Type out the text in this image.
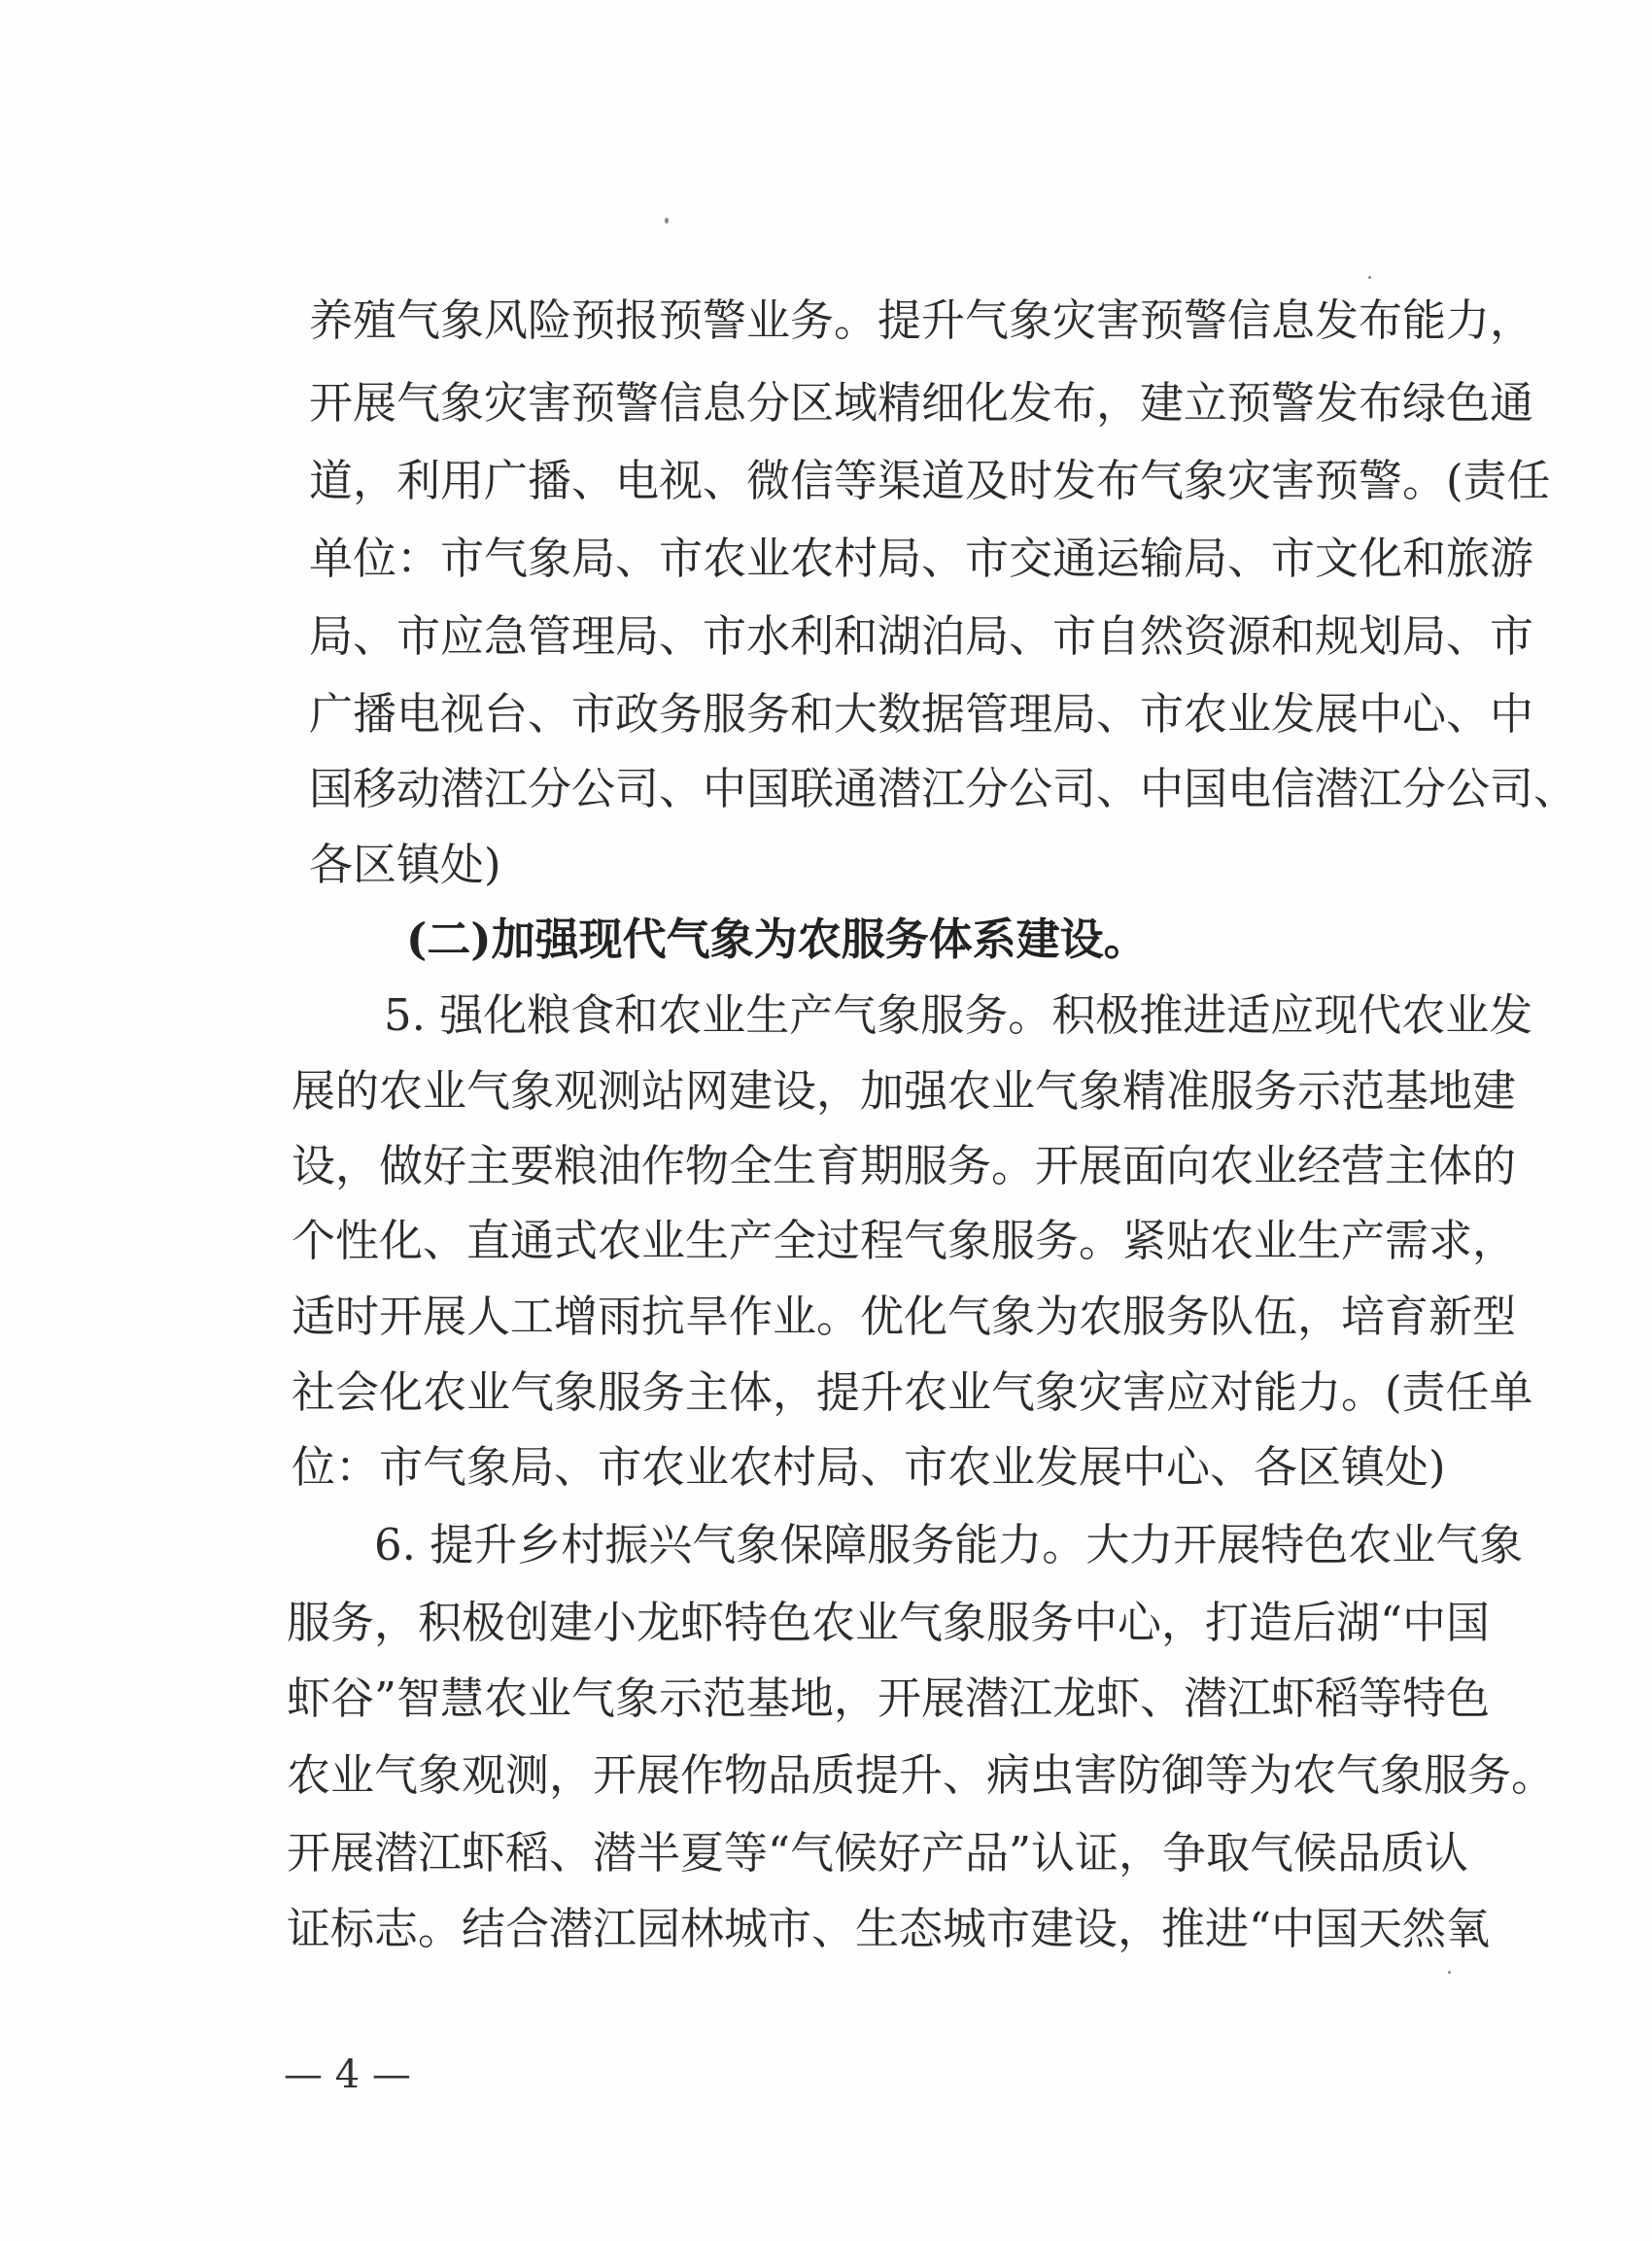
养殖气象风险预报预警业务。提升气象灾害预警信息发布能力，
开展气象灾害预警信息分区域精细化发布，建立预警发布绿色通
道，利用广播、电视、微信等渠道及时发布气象灾害预警。(责任
单位：市气象局、市农业农村局、市交通运输局、市文化和旅游
局、市应急管理局、市水利和湖泊局、市自然资源和规划局、市
广播电视台、市政务服务和大数据管理局、市农业发展中心、中
国移动潜江分公司、中国联通潜江分公司、中国电信潜江分公司、
各区镇处)
(二)加强现代气象为农服务体系建设。
5. 强化粮食和农业生产气象服务。积极推进适应现代农业发
展的农业气象观测站网建设，加强农业气象精准服务示范基地建
设，做好主要粮油作物全生育期服务。开展面向农业经营主体的
个性化、直通式农业生产全过程气象服务。紧贴农业生产需求，
适时开展人工增雨抗旱作业。优化气象为农服务队伍，培育新型
社会化农业气象服务主体，提升农业气象灾害应对能力。(责任单
位：市气象局、市农业农村局、市农业发展中心、各区镇处)
6. 提升乡村振兴气象保障服务能力。大力开展特色农业气象
服务，积极创建小龙虾特色农业气象服务中心，打造后湖“中国
虾谷”智慧农业气象示范基地，开展潜江龙虾、潜江虾稻等特色
农业气象观测，开展作物品质提升、病虫害防御等为农气象服务。
开展潜江虾稻、潜半夏等“气候好产品”认证，争取气候品质认
证标志。结合潜江园林城市、生态城市建设，推进“中国天然氧
— 4 —
